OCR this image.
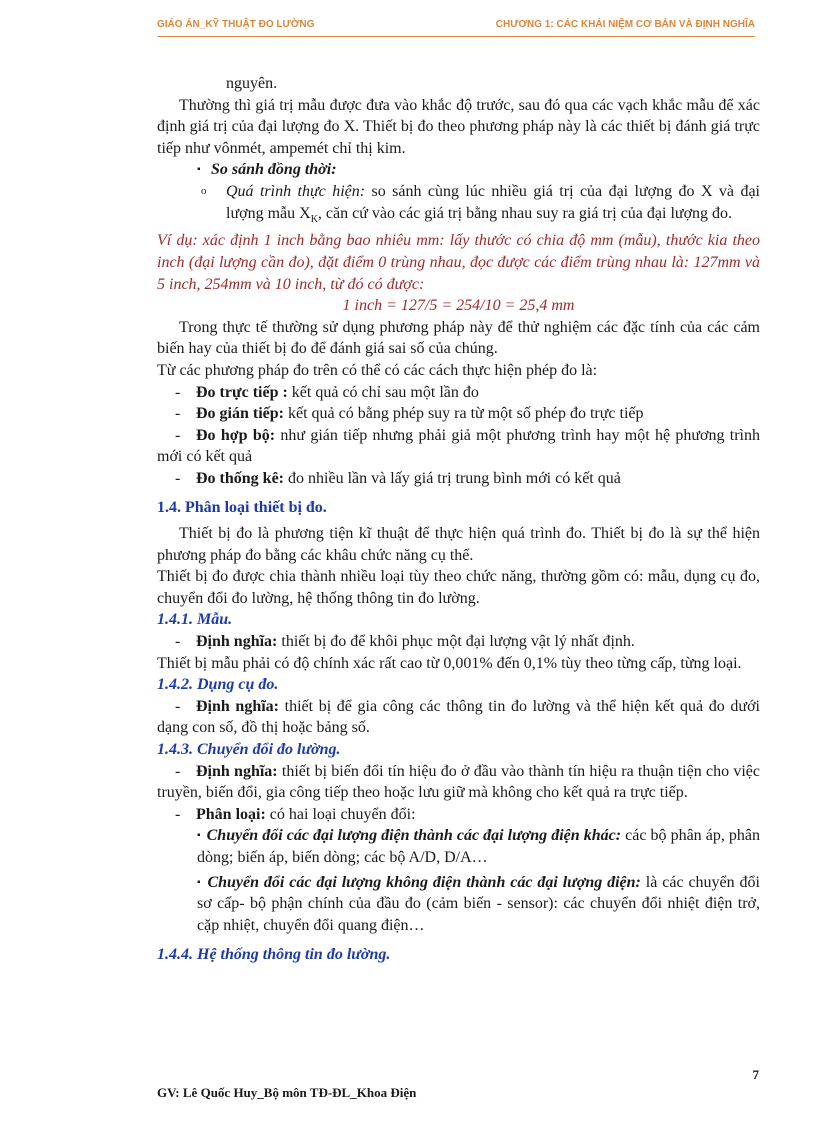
GIÁO ÁN_KỸ THUẬT ĐO LƯỜNG	CHƯƠNG 1: CÁC KHÁI NIỆM CƠ BẢN VÀ ĐỊNH NGHĨA

nguyên.

Thường thì giá trị mẫu được đưa vào khắc độ trước, sau đó qua các vạch khắc mẫu để xác định giá trị của đại lượng đo X. Thiết bị đo theo phương pháp này là các thiết bị đánh giá trực tiếp như vônmét, ampemét chỉ thị kim.

▪ So sánh đồng thời:

o Quá trình thực hiện: so sánh cùng lúc nhiều giá trị của đại lượng đo X và đại lượng mẫu $X_K$, căn cứ vào các giá trị bằng nhau suy ra giá trị của đại lượng đo.

Ví dụ: xác định 1 inch bằng bao nhiêu mm: lấy thước có chia độ mm (mẫu), thước kia theo inch (đại lượng cần đo), đặt điểm 0 trùng nhau, đọc được các điểm trùng nhau là: 127mm và 5 inch, 254mm và 10 inch, từ đó có được:

1 inch = 127/5 = 254/10 = 25,4 mm

Trong thực tế thường sử dụng phương pháp này để thử nghiệm các đặc tính của các cảm biến hay của thiết bị đo để đánh giá sai số của chúng.

Từ các phương pháp đo trên có thể có các cách thực hiện phép đo là:

- Đo trực tiếp : kết quả có chỉ sau một lần đo

- Đo gián tiếp: kết quả có bằng phép suy ra từ một số phép đo trực tiếp

- Đo hợp bộ: như gián tiếp nhưng phải giả một phương trình hay một hệ phương trình mới có kết quả

- Đo thống kê: đo nhiều lần và lấy giá trị trung bình mới có kết quả

1.4. Phân loại thiết bị đo.

Thiết bị đo là phương tiện kĩ thuật để thực hiện quá trình đo. Thiết bị đo là sự thể hiện phương pháp đo bằng các khâu chức năng cụ thể.

Thiết bị đo được chia thành nhiều loại tùy theo chức năng, thường gồm có: mẫu, dụng cụ đo, chuyển đổi đo lường, hệ thống thông tin đo lường.

1.4.1. Mẫu.

- Định nghĩa: thiết bị đo để khôi phục một đại lượng vật lý nhất định.

Thiết bị mẫu phải có độ chính xác rất cao từ 0,001% đến 0,1% tùy theo từng cấp, từng loại.

1.4.2. Dụng cụ đo.

- Định nghĩa: thiết bị để gia công các thông tin đo lường và thể hiện kết quả đo dưới dạng con số, đồ thị hoặc bảng số.

1.4.3. Chuyển đổi đo lường.

- Định nghĩa: thiết bị biến đổi tín hiệu đo ở đầu vào thành tín hiệu ra thuận tiện cho việc truyền, biến đổi, gia công tiếp theo hoặc lưu giữ mà không cho kết quả ra trực tiếp.

- Phân loại: có hai loại chuyển đổi:

▪ Chuyển đổi các đại lượng điện thành các đại lượng điện khác: các bộ phân áp, phân dòng; biến áp, biến dòng; các bộ A/D, D/A…

▪ Chuyển đổi các đại lượng không điện thành các đại lượng điện: là các chuyển đổi sơ cấp- bộ phận chính của đầu đo (cảm biến - sensor): các chuyển đổi nhiệt điện trở, cặp nhiệt, chuyển đổi quang điện…

1.4.4. Hệ thống thông tin đo lường.

7
GV: Lê Quốc Huy_Bộ môn TĐ-ĐL_Khoa Điện
